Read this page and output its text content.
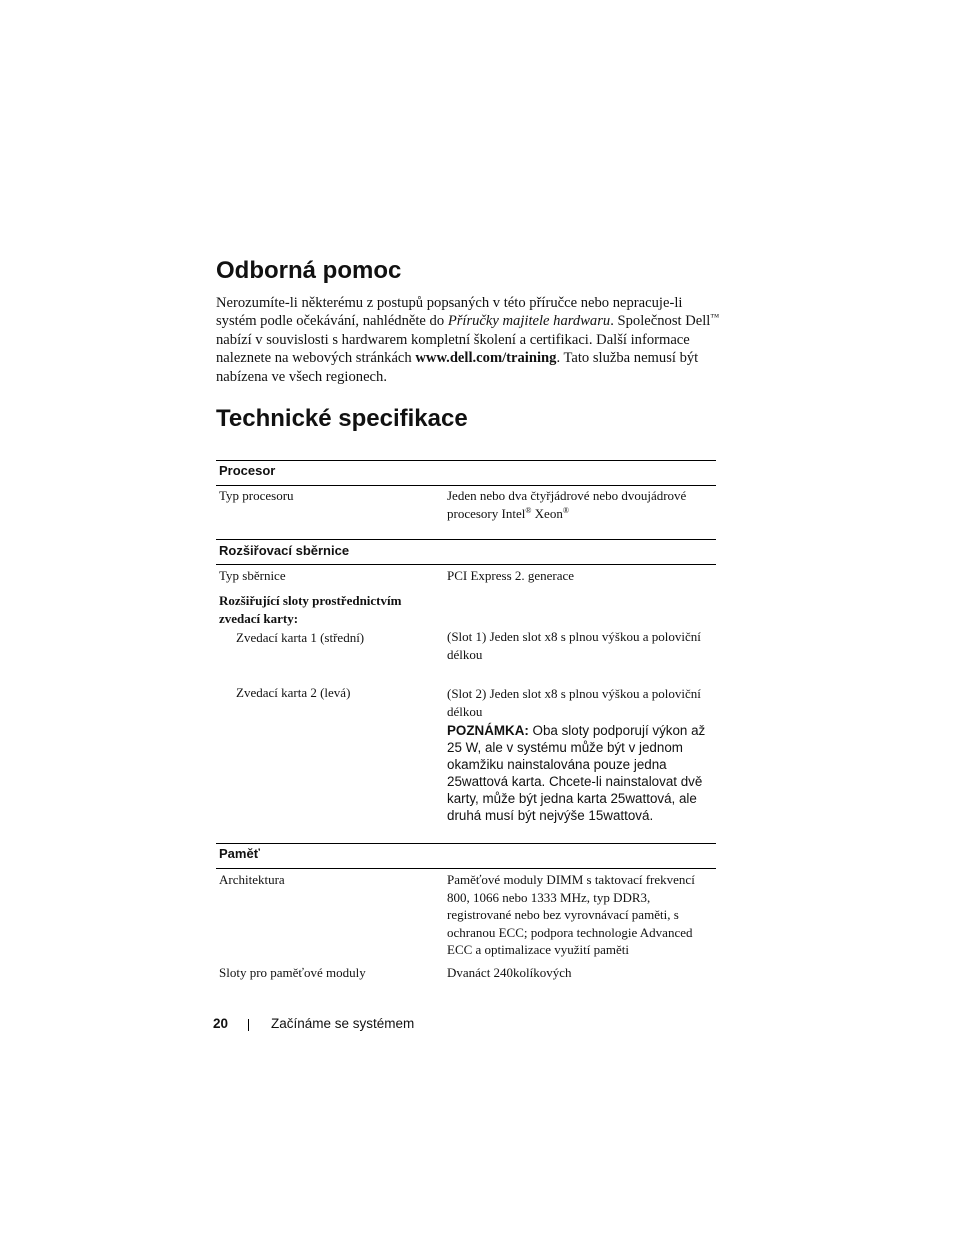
Odborná pomoc

Nerozumíte-li některému z postupů popsaných v této příručce nebo nepracuje-li systém podle očekávání, nahlédněte do Příručky majitele hardwaru. Společnost Dell™ nabízí v souvislosti s hardwarem kompletní školení a certifikaci. Další informace naleznete na webových stránkách www.dell.com/training. Tato služba nemusí být nabízena ve všech regionech.

Technické specifikace
Procesor
Typ procesoru	Jeden nebo dva čtyřjádrové nebo dvoujádrové procesory Intel® Xeon®
Rozšiřovací sběrnice
Typ sběrnice	PCI Express 2. generace
Rozšiřující sloty prostřednictvím zvedací karty:
Zvedací karta 1 (střední)	(Slot 1) Jeden slot x8 s plnou výškou a poloviční délkou
Zvedací karta 2 (levá)	(Slot 2) Jeden slot x8 s plnou výškou a poloviční délkou
POZNÁMKA: Oba sloty podporují výkon až 25 W, ale v systému může být v jednom okamžiku nainstalována pouze jedna 25wattová karta. Chcete-li nainstalovat dvě karty, může být jedna karta 25wattová, ale druhá musí být nejvýše 15wattová.
Paměť
Architektura	Paměťové moduly DIMM s taktovací frekvencí 800, 1066 nebo 1333 MHz, typ DDR3, registrované nebo bez vyrovnávací paměti, s ochranou ECC; podpora technologie Advanced ECC a optimalizace využití paměti
Sloty pro paměťové moduly	Dvanáct 240kolíkových
20	Začínáme se systémem
